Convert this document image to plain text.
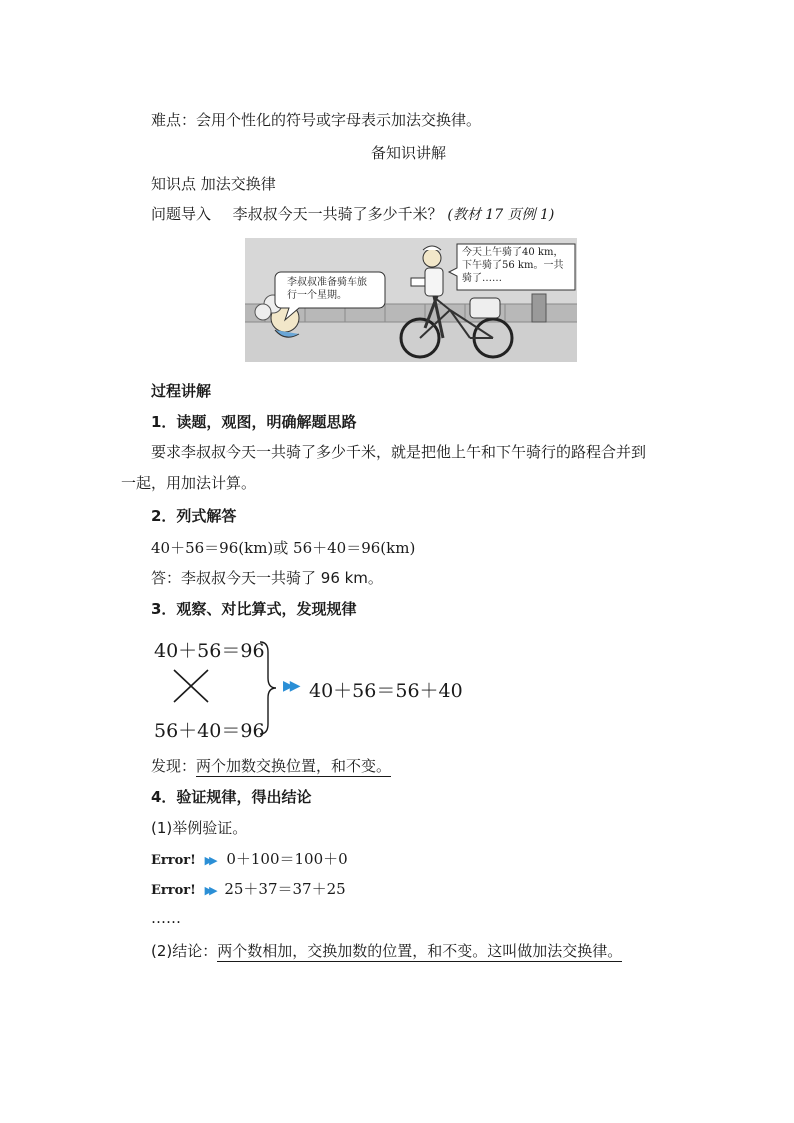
难点：会用个性化的符号或字母表示加法交换律。
备知识讲解
知识点 加法交换律
问题导入 李叔叔今天一共骑了多少千米？ (教材 17 页例 1)
李叔叔准备骑车旅
行一个星期。
今天上午骑了40 km，
下午骑了56 km。一共
骑了……
过程讲解
1．读题，观图，明确解题思路
要求李叔叔今天一共骑了多少千米，就是把他上午和下午骑行的路程合并到
一起，用加法计算。
2．列式解答
40＋56＝96(km)或 56＋40＝96(km)
答：李叔叔今天一共骑了 96 km。
3．观察、对比算式，发现规律
40＋56＝96
56＋40＝96
▶▶ 40＋56＝56＋40
发现：两个加数交换位置，和不变。
4．验证规律，得出结论
(1)举例验证。
Error! ▶▶ 0＋100＝100＋0
Error! ▶▶ 25＋37＝37＋25
……
(2)结论：两个数相加，交换加数的位置，和不变。这叫做加法交换律。
